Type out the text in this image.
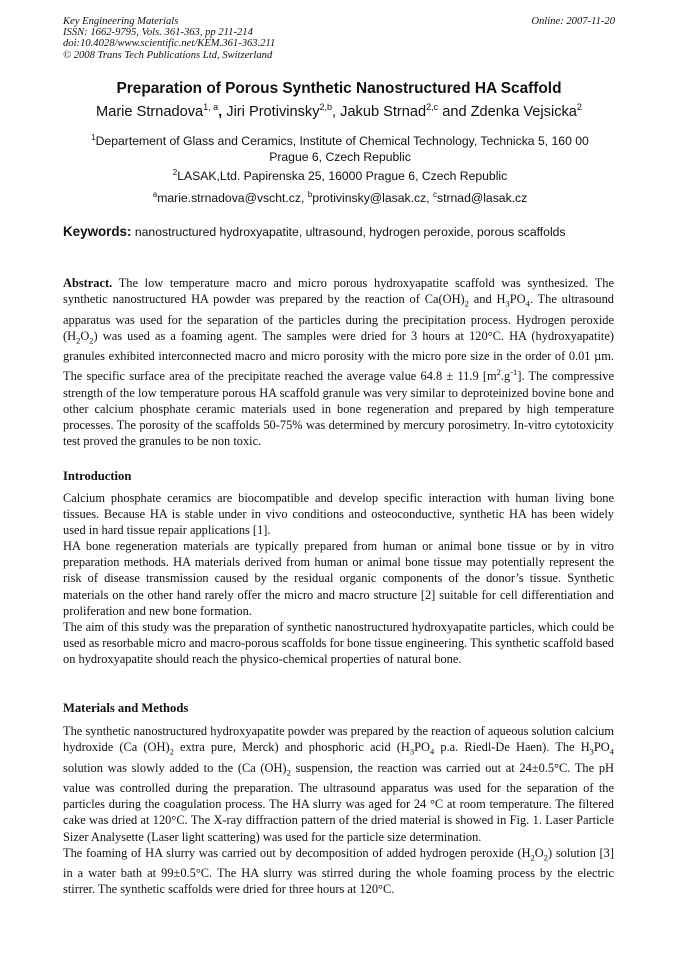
Key Engineering Materials
ISSN: 1662-9795, Vols. 361-363, pp 211-214
doi:10.4028/www.scientific.net/KEM.361-363.211
© 2008 Trans Tech Publications Ltd, Switzerland
Online: 2007-11-20
Preparation of Porous Synthetic Nanostructured HA Scaffold
Marie Strnadova$^{1, a}$, Jiri Protivinsky$^{2,b}$, Jakub Strnad$^{2,c}$ and Zdenka Vejsicka$^2$
$^1$Departement of Glass and Ceramics, Institute of Chemical Technology, Technicka 5, 160 00 Prague 6, Czech Republic
$^2$LASAK,Ltd. Papirenska 25, 16000 Prague 6, Czech Republic
$^a$marie.strnadova@vscht.cz, $^b$protivinsky@lasak.cz, $^c$strnad@lasak.cz
Keywords: nanostructured hydroxyapatite, ultrasound, hydrogen peroxide, porous scaffolds

Abstract. The low temperature macro and micro porous hydroxyapatite scaffold was synthesized. The synthetic nanostructured HA powder was prepared by the reaction of $Ca(OH)_2$ and $H_3PO_4$. The ultrasound apparatus was used for the separation of the particles during the precipitation process. Hydrogen peroxide $(H_2O_2)$ was used as a foaming agent. The samples were dried for 3 hours at 120°C. HA (hydroxyapatite) granules exhibited interconnected macro and micro porosity with the micro pore size in the order of 0.01 µm. The specific surface area of the precipitate reached the average value 64.8 ± 11.9 $[m^2.g^{-1}]$. The compressive strength of the low temperature porous HA scaffold granule was very similar to deproteinized bovine bone and other calcium phosphate ceramic materials used in bone regeneration and prepared by high temperature processes. The porosity of the scaffolds 50-75% was determined by mercury porosimetry. In-vitro cytotoxicity test proved the granules to be non toxic.

Introduction

Calcium phosphate ceramics are biocompatible and develop specific interaction with human living bone tissues. Because HA is stable under in vivo conditions and osteoconductive, synthetic HA has been widely used in hard tissue repair applications [1].

HA bone regeneration materials are typically prepared from human or animal bone tissue or by in vitro preparation methods. HA materials derived from human or animal bone tissue may potentially represent the risk of disease transmission caused by the residual organic components of the donor’s tissue. Synthetic materials on the other hand rarely offer the micro and macro structure [2] suitable for cell differentiation and proliferation and new bone formation.

The aim of this study was the preparation of synthetic nanostructured hydroxyapatite particles, which could be used as resorbable micro and macro-porous scaffolds for bone tissue engineering. This synthetic scaffold based on hydroxyapatite should reach the physico-chemical properties of natural bone.

Materials and Methods

The synthetic nanostructured hydroxyapatite powder was prepared by the reaction of aqueous solution calcium hydroxide (Ca $(OH)_2$ extra pure, Merck) and phosphoric acid ($H_3PO_4$ p.a. Riedl-De Haen). The $H_3PO_4$ solution was slowly added to the (Ca $(OH)_2$ suspension, the reaction was carried out at 24±0.5°C. The pH value was controlled during the preparation. The ultrasound apparatus was used for the separation of the particles during the coagulation process. The HA slurry was aged for 24 °C at room temperature. The filtered cake was dried at 120°C. The X-ray diffraction pattern of the dried material is showed in Fig. 1. Laser Particle Sizer Analysette (Laser light scattering) was used for the particle size determination.

The foaming of HA slurry was carried out by decomposition of added hydrogen peroxide $(H_2O_2)$ solution [3] in a water bath at 99±0.5°C. The HA slurry was stirred during the whole foaming process by the electric stirrer. The synthetic scaffolds were dried for three hours at 120°C.
